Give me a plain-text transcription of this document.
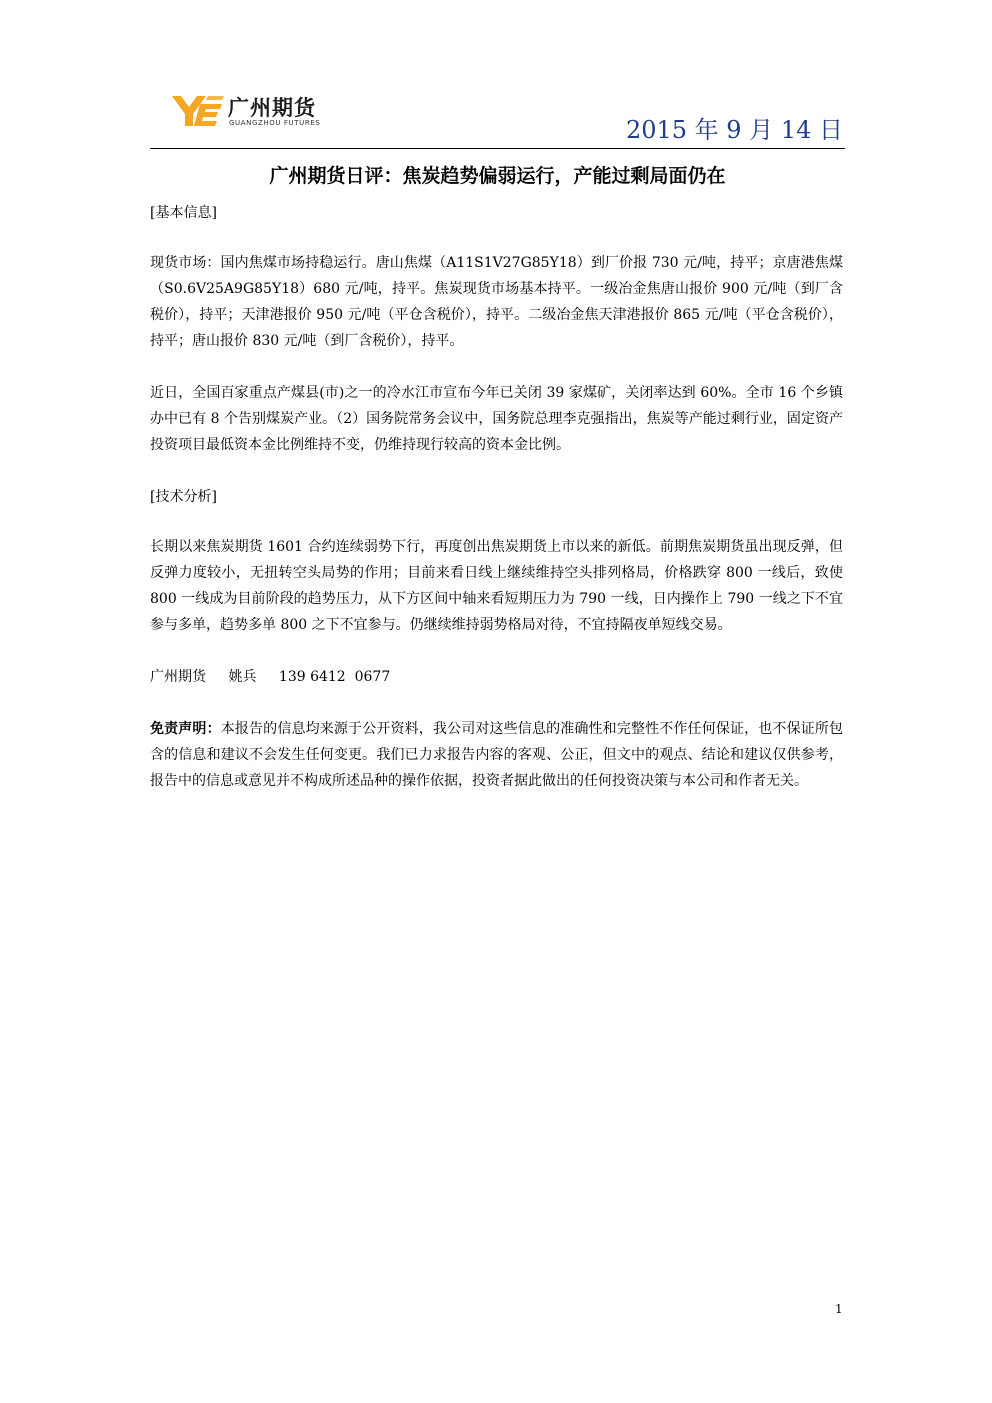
广州期货
GUANGZHOU FUTURES	2015 年 9 月 14 日
广州期货日评：焦炭趋势偏弱运行，产能过剩局面仍在

[基本信息]

现货市场：国内焦煤市场持稳运行。唐山焦煤（A11S1V27G85Y18）到厂价报 730 元/吨，持平；京唐港焦煤（S0.6V25A9G85Y18）680 元/吨，持平。焦炭现货市场基本持平。一级冶金焦唐山报价 900 元/吨（到厂含税价），持平；天津港报价 950 元/吨（平仓含税价），持平。二级冶金焦天津港报价 865 元/吨（平仓含税价），持平；唐山报价 830 元/吨（到厂含税价），持平。

近日，全国百家重点产煤县(市)之一的冷水江市宣布今年已关闭 39 家煤矿，关闭率达到 60%。全市 16 个乡镇办中已有 8 个告别煤炭产业。（2）国务院常务会议中，国务院总理李克强指出，焦炭等产能过剩行业，固定资产投资项目最低资本金比例维持不变，仍维持现行较高的资本金比例。

[技术分析]

长期以来焦炭期货 1601 合约连续弱势下行，再度创出焦炭期货上市以来的新低。前期焦炭期货虽出现反弹，但反弹力度较小，无扭转空头局势的作用；目前来看日线上继续维持空头排列格局，价格跌穿 800 一线后，致使 800 一线成为目前阶段的趋势压力，从下方区间中轴来看短期压力为 790 一线，日内操作上 790 一线之下不宜参与多单，趋势多单 800 之下不宜参与。仍继续维持弱势格局对待，不宜持隔夜单短线交易。

广州期货 姚兵 139 6412  0677

免责声明：本报告的信息均来源于公开资料，我公司对这些信息的准确性和完整性不作任何保证，也不保证所包含的信息和建议不会发生任何变更。我们已力求报告内容的客观、公正，但文中的观点、结论和建议仅供参考，报告中的信息或意见并不构成所述品种的操作依据，投资者据此做出的任何投资决策与本公司和作者无关。

1
